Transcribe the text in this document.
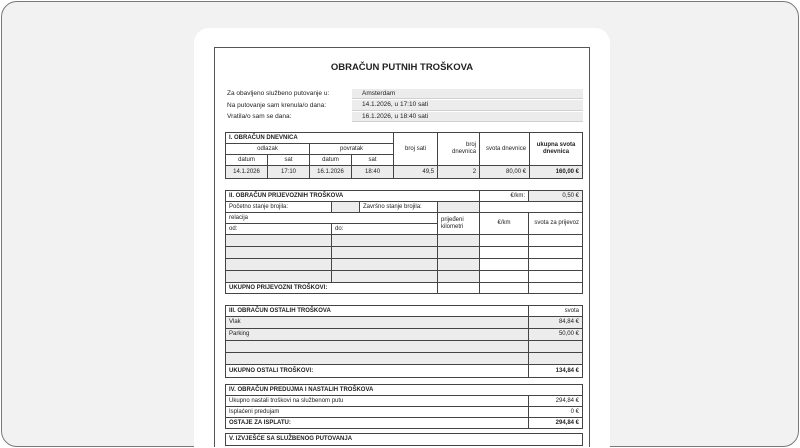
OBRAČUN PUTNIH TROŠKOVA
Za obavljeno službeno putovanje u:	Amsterdam
Na putovanje sam krenula/o dana:	14.1.2026, u 17:10 sati
Vratila/o sam se dana:	16.1.2026, u 18:40 sati
I. OBRAČUN DNEVNICA				broj sati	broj dnevnica	svota dnevnice	ukupna svota dnevnica
odlazak		povratak					
datum	sat	datum	sat				
14.1.2026	17:10	16.1.2026	18:40	49,5	2	80,00 €	160,00 €
II. OBRAČUN PRIJEVOZNIH TROŠKOVA				€/km:	0,50 €
Početno stanje brojila:		Završno stanje brojila:			
relacija			prijeđeni kilometri	€/km	svota za prijevoz
od:	do:				

UKUPNO PRIJEVOZNI TROŠKOVI:					
III. OBRAČUN OSTALIH TROŠKOVA	svota
Vlak	84,84 €
Parking	50,00 €

UKUPNO OSTALI TROŠKOVI:	134,84 €
IV. OBRAČUN PREDUJMA I NASTALIH TROŠKOVA	
Ukupno nastali troškovi na službenom putu	294,84 €
Isplaćeni predujam	0 €
OSTAJE ZA ISPLATU:	294,84 €
V. IZVJEŠĆE SA SLUŽBENOG PUTOVANJA
